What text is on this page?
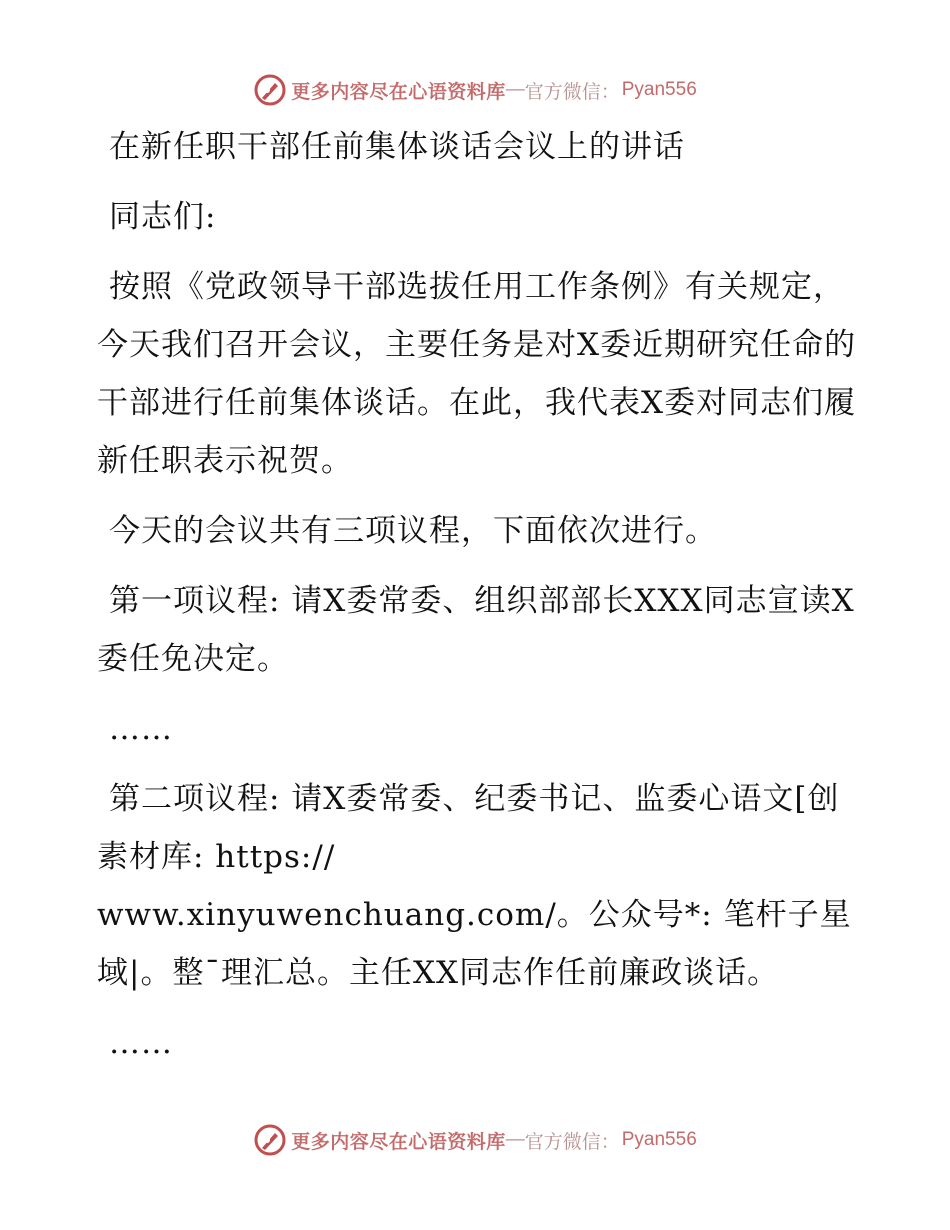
更多内容尽在心语资料库 — 官方微信： Pyan556

在新任职干部任前集体谈话会议上的讲话

同志们:

按照《党政领导干部选拔任用工作条例》有关规定，今天我们召开会议，主要任务是对X委近期研究任命的干部进行任前集体谈话。在此，我代表X委对同志们履新任职表示祝贺。

今天的会议共有三项议程，下面依次进行。

第一项议程: 请X委常委、组织部部长XXX同志宣读X委任免决定。

……

第二项议程: 请X委常委、纪委书记、监委心语文[创素材库: https://

www.xinyuwenchuang.com/。公众号*: 笔杆子星域|。整¯理汇总。主任XX同志作任前廉政谈话。

……

更多内容尽在心语资料库 — 官方微信： Pyan556
